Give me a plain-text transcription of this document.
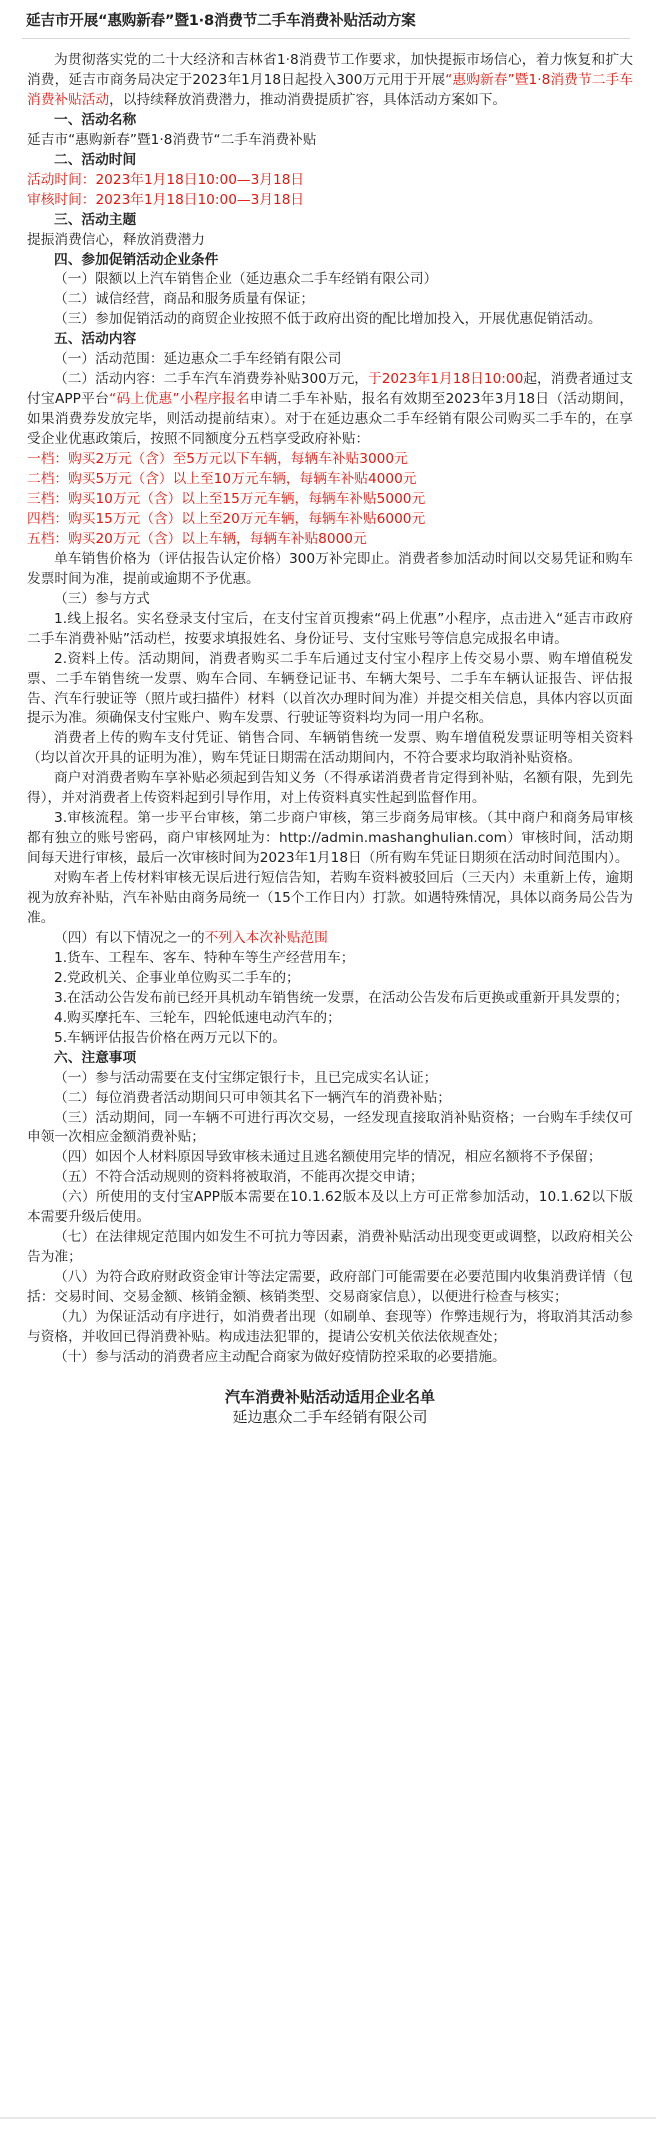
延吉市开展“惠购新春”暨1·8消费节二手车消费补贴活动方案

为贯彻落实党的二十大经济和吉林省1·8消费节工作要求，加快提振市场信心，着力恢复和扩大消费，延吉市商务局决定于2023年1月18日起投入300万元用于开展“惠购新春”暨1·8消费节二手车消费补贴活动，以持续释放消费潜力，推动消费提质扩容，具体活动方案如下。

一、活动名称

延吉市“惠购新春”暨1·8消费节“二手车消费补贴

二、活动时间

活动时间：2023年1月18日10:00—3月18日

审核时间：2023年1月18日10:00—3月18日

三、活动主题

提振消费信心，释放消费潜力

四、参加促销活动企业条件

（一）限额以上汽车销售企业（延边惠众二手车经销有限公司）

（二）诚信经营，商品和服务质量有保证；

（三）参加促销活动的商贸企业按照不低于政府出资的配比增加投入，开展优惠促销活动。

五、活动内容

（一）活动范围：延边惠众二手车经销有限公司

（二）活动内容：二手车汽车消费券补贴300万元，于2023年1月18日10:00起，消费者通过支付宝APP平台“码上优惠”小程序报名申请二手车补贴，报名有效期至2023年3月18日（活动期间，如果消费券发放完毕，则活动提前结束）。对于在延边惠众二手车经销有限公司购买二手车的，在享受企业优惠政策后，按照不同额度分五档享受政府补贴：

一档：购买2万元（含）至5万元以下车辆，每辆车补贴3000元

二档：购买5万元（含）以上至10万元车辆，每辆车补贴4000元

三档：购买10万元（含）以上至15万元车辆，每辆车补贴5000元

四档：购买15万元（含）以上至20万元车辆，每辆车补贴6000元

五档：购买20万元（含）以上车辆，每辆车补贴8000元

单车销售价格为（评估报告认定价格）300万补完即止。消费者参加活动时间以交易凭证和购车发票时间为准，提前或逾期不予优惠。

（三）参与方式

1.线上报名。实名登录支付宝后，在支付宝首页搜索“码上优惠”小程序，点击进入“延吉市政府二手车消费补贴”活动栏，按要求填报姓名、身份证号、支付宝账号等信息完成报名申请。

2.资料上传。活动期间，消费者购买二手车后通过支付宝小程序上传交易小票、购车增值税发票、二手车销售统一发票、购车合同、车辆登记证书、车辆大架号、二手车车辆认证报告、评估报告、汽车行驶证等（照片或扫描件）材料（以首次办理时间为准）并提交相关信息，具体内容以页面提示为准。须确保支付宝账户、购车发票、行驶证等资料均为同一用户名称。

消费者上传的购车支付凭证、销售合同、车辆销售统一发票、购车增值税发票证明等相关资料（均以首次开具的证明为准），购车凭证日期需在活动期间内，不符合要求均取消补贴资格。

商户对消费者购车享补贴必须起到告知义务（不得承诺消费者肯定得到补贴，名额有限，先到先得），并对消费者上传资料起到引导作用，对上传资料真实性起到监督作用。

3.审核流程。第一步平台审核，第二步商户审核，第三步商务局审核。（其中商户和商务局审核都有独立的账号密码，商户审核网址为：http://admin.mashanghulian.com）审核时间，活动期间每天进行审核，最后一次审核时间为2023年1月18日（所有购车凭证日期须在活动时间范围内）。

对购车者上传材料审核无误后进行短信告知，若购车资料被驳回后（三天内）未重新上传，逾期视为放弃补贴，汽车补贴由商务局统一（15个工作日内）打款。如遇特殊情况，具体以商务局公告为准。

（四）有以下情况之一的不列入本次补贴范围

1.货车、工程车、客车、特种车等生产经营用车；

2.党政机关、企事业单位购买二手车的；

3.在活动公告发布前已经开具机动车销售统一发票，在活动公告发布后更换或重新开具发票的；

4.购买摩托车、三轮车，四轮低速电动汽车的；

5.车辆评估报告价格在两万元以下的。

六、注意事项

（一）参与活动需要在支付宝绑定银行卡，且已完成实名认证；

（二）每位消费者活动期间只可申领其名下一辆汽车的消费补贴；

（三）活动期间，同一车辆不可进行再次交易，一经发现直接取消补贴资格；一台购车手续仅可申领一次相应金额消费补贴；

（四）如因个人材料原因导致审核未通过且逃名额使用完毕的情况，相应名额将不予保留；

（五）不符合活动规则的资料将被取消，不能再次提交申请；

（六）所使用的支付宝APP版本需要在10.1.62版本及以上方可正常参加活动，10.1.62以下版本需要升级后使用。

（七）在法律规定范围内如发生不可抗力等因素，消费补贴活动出现变更或调整，以政府相关公告为准；

（八）为符合政府财政资金审计等法定需要，政府部门可能需要在必要范围内收集消费详情（包括：交易时间、交易金额、核销金额、核销类型、交易商家信息），以便进行检查与核实；

（九）为保证活动有序进行，如消费者出现（如刷单、套现等）作弊违规行为，将取消其活动参与资格，并收回已得消费补贴。构成违法犯罪的，提请公安机关依法依规查处；

（十）参与活动的消费者应主动配合商家为做好疫情防控采取的必要措施。

汽车消费补贴活动适用企业名单

延边惠众二手车经销有限公司
